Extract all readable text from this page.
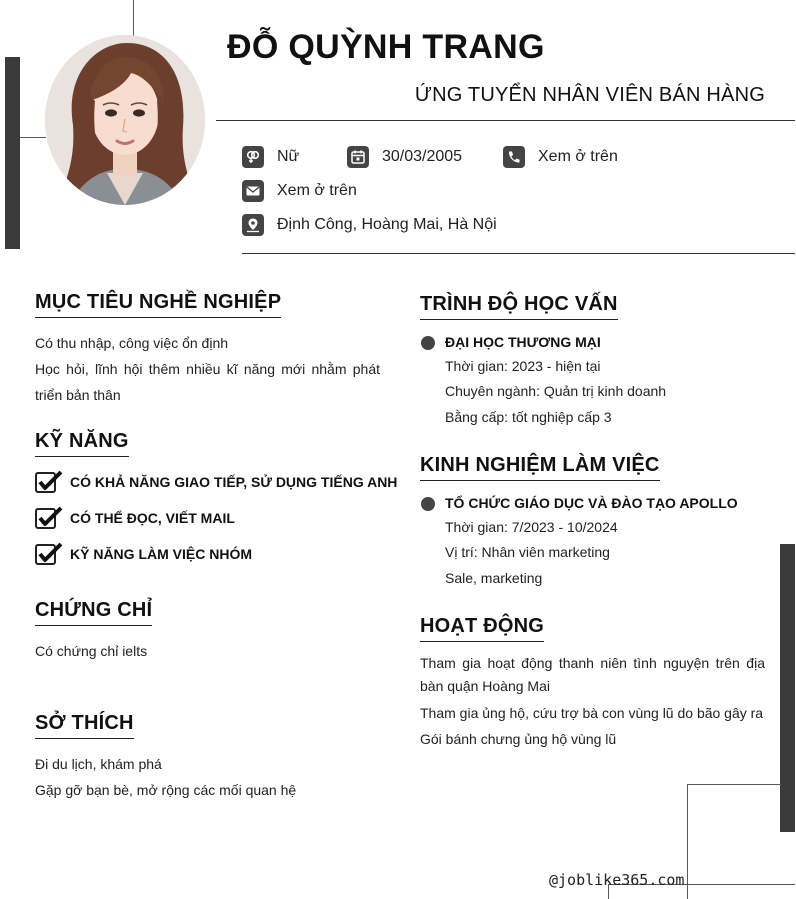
ĐỖ QUỲNH TRANG
ỨNG TUYỂN NHÂN VIÊN BÁN HÀNG
Nữ	30/03/2005	Xem ở trên
Xem ở trên
Định Công, Hoàng Mai, Hà Nội
MỤC TIÊU NGHỀ NGHIỆP
Có thu nhập, công việc ổn định
Học hỏi, lĩnh hội thêm nhiều kĩ năng mới nhằm phát triển bản thân
KỸ NĂNG
CÓ KHẢ NĂNG GIAO TIẾP, SỬ DỤNG TIẾNG ANH
CÓ THỂ ĐỌC, VIẾT MAIL
KỸ NĂNG LÀM VIỆC NHÓM
CHỨNG CHỈ
Có chứng chỉ ielts
SỞ THÍCH
Đi du lịch, khám phá
Gặp gỡ bạn bè, mở rộng các mối quan hệ
TRÌNH ĐỘ HỌC VẤN
ĐẠI HỌC THƯƠNG MẠI
Thời gian: 2023 - hiện tại
Chuyên ngành: Quản trị kinh doanh
Bằng cấp: tốt nghiệp cấp 3
KINH NGHIỆM LÀM VIỆC
TỔ CHỨC GIÁO DỤC VÀ ĐÀO TẠO APOLLO
Thời gian: 7/2023 - 10/2024
Vị trí: Nhân viên marketing
Sale, marketing
HOẠT ĐỘNG
Tham gia hoạt động thanh niên tình nguyện trên địa bàn quận Hoàng Mai
Tham gia ủng hộ, cứu trợ bà con vùng lũ do bão gây ra
Gói bánh chưng ủng hộ vùng lũ
@joblike365.com
